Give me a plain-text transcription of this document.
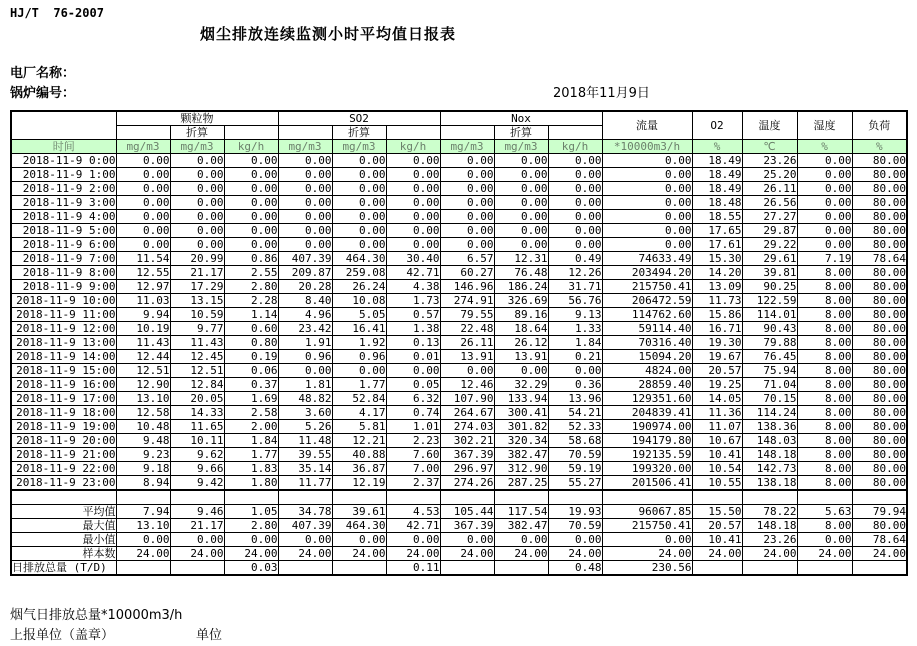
HJ/T  76-2007
烟尘排放连续监测小时平均值日报表
电厂名称：
锅炉编号：	2018年11月9日
	颗粒物			SO2			Nox			流量	O2	温度	湿度	负荷
		折算			折算			折算						
时间	mg/m3	mg/m3	kg/h	mg/m3	mg/m3	kg/h	mg/m3	mg/m3	kg/h	*10000m3/h	%	℃	%	%
2018-11-9 0:00	0.00	0.00	0.00	0.00	0.00	0.00	0.00	0.00	0.00	0.00	18.49	23.26	0.00	80.00
2018-11-9 1:00	0.00	0.00	0.00	0.00	0.00	0.00	0.00	0.00	0.00	0.00	18.49	25.20	0.00	80.00
2018-11-9 2:00	0.00	0.00	0.00	0.00	0.00	0.00	0.00	0.00	0.00	0.00	18.49	26.11	0.00	80.00
2018-11-9 3:00	0.00	0.00	0.00	0.00	0.00	0.00	0.00	0.00	0.00	0.00	18.48	26.56	0.00	80.00
2018-11-9 4:00	0.00	0.00	0.00	0.00	0.00	0.00	0.00	0.00	0.00	0.00	18.55	27.27	0.00	80.00
2018-11-9 5:00	0.00	0.00	0.00	0.00	0.00	0.00	0.00	0.00	0.00	0.00	17.65	29.87	0.00	80.00
2018-11-9 6:00	0.00	0.00	0.00	0.00	0.00	0.00	0.00	0.00	0.00	0.00	17.61	29.22	0.00	80.00
2018-11-9 7:00	11.54	20.99	0.86	407.39	464.30	30.40	6.57	12.31	0.49	74633.49	15.30	29.61	7.19	78.64
2018-11-9 8:00	12.55	21.17	2.55	209.87	259.08	42.71	60.27	76.48	12.26	203494.20	14.20	39.81	8.00	80.00
2018-11-9 9:00	12.97	17.29	2.80	20.28	26.24	4.38	146.96	186.24	31.71	215750.41	13.09	90.25	8.00	80.00
2018-11-9 10:00	11.03	13.15	2.28	8.40	10.08	1.73	274.91	326.69	56.76	206472.59	11.73	122.59	8.00	80.00
2018-11-9 11:00	9.94	10.59	1.14	4.96	5.05	0.57	79.55	89.16	9.13	114762.60	15.86	114.01	8.00	80.00
2018-11-9 12:00	10.19	9.77	0.60	23.42	16.41	1.38	22.48	18.64	1.33	59114.40	16.71	90.43	8.00	80.00
2018-11-9 13:00	11.43	11.43	0.80	1.91	1.92	0.13	26.11	26.12	1.84	70316.40	19.30	79.88	8.00	80.00
2018-11-9 14:00	12.44	12.45	0.19	0.96	0.96	0.01	13.91	13.91	0.21	15094.20	19.67	76.45	8.00	80.00
2018-11-9 15:00	12.51	12.51	0.06	0.00	0.00	0.00	0.00	0.00	0.00	4824.00	20.57	75.94	8.00	80.00
2018-11-9 16:00	12.90	12.84	0.37	1.81	1.77	0.05	12.46	32.29	0.36	28859.40	19.25	71.04	8.00	80.00
2018-11-9 17:00	13.10	20.05	1.69	48.82	52.84	6.32	107.90	133.94	13.96	129351.60	14.05	70.15	8.00	80.00
2018-11-9 18:00	12.58	14.33	2.58	3.60	4.17	0.74	264.67	300.41	54.21	204839.41	11.36	114.24	8.00	80.00
2018-11-9 19:00	10.48	11.65	2.00	5.26	5.81	1.01	274.03	301.82	52.33	190974.00	11.07	138.36	8.00	80.00
2018-11-9 20:00	9.48	10.11	1.84	11.48	12.21	2.23	302.21	320.34	58.68	194179.80	10.67	148.03	8.00	80.00
2018-11-9 21:00	9.23	9.62	1.77	39.55	40.88	7.60	367.39	382.47	70.59	192135.59	10.41	148.18	8.00	80.00
2018-11-9 22:00	9.18	9.66	1.83	35.14	36.87	7.00	296.97	312.90	59.19	199320.00	10.54	142.73	8.00	80.00
2018-11-9 23:00	8.94	9.42	1.80	11.77	12.19	2.37	274.26	287.25	55.27	201506.41	10.55	138.18	8.00	80.00

平均值	7.94	9.46	1.05	34.78	39.61	4.53	105.44	117.54	19.93	96067.85	15.50	78.22	5.63	79.94
最大值	13.10	21.17	2.80	407.39	464.30	42.71	367.39	382.47	70.59	215750.41	20.57	148.18	8.00	80.00
最小值	0.00	0.00	0.00	0.00	0.00	0.00	0.00	0.00	0.00	0.00	10.41	23.26	0.00	78.64
样本数	24.00	24.00	24.00	24.00	24.00	24.00	24.00	24.00	24.00	24.00	24.00	24.00	24.00	24.00
日排放总量 (T/D)			0.03			0.11			0.48	230.56				
烟气日排放总量*10000m3/h
上报单位（盖章）	单位
